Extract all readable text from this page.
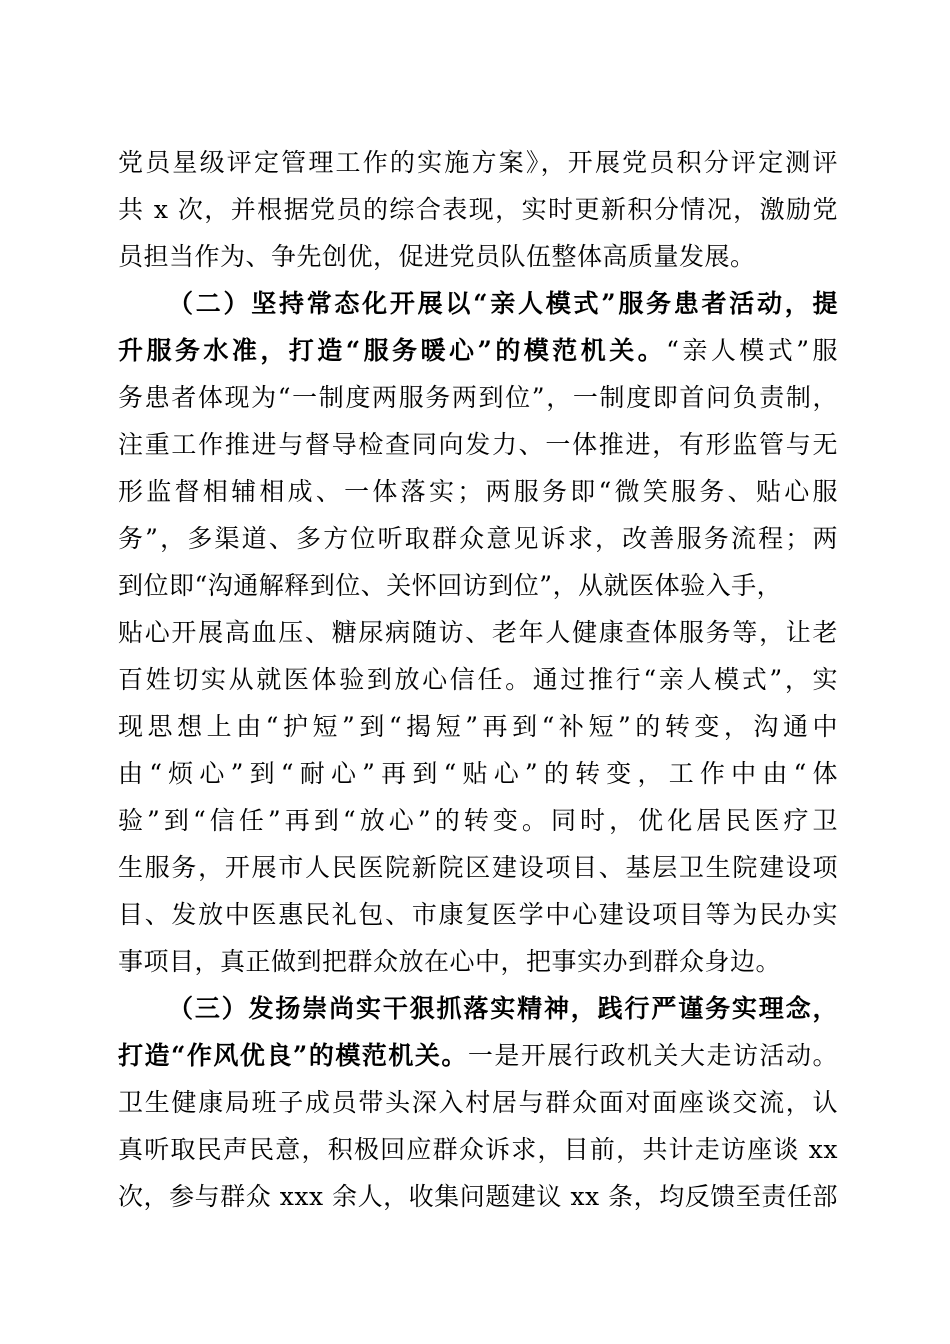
党员星级评定管理工作的实施方案》，开展党员积分评定测评
共 x 次，并根据党员的综合表现，实时更新积分情况，激励党
员担当作为、争先创优，促进党员队伍整体高质量发展。
（二）坚持常态化开展以“亲人模式”服务患者活动，提
升服务水准，打造“服务暖心”的模范机关。“亲人模式”服
务患者体现为“一制度两服务两到位”，一制度即首问负责制，
注重工作推进与督导检查同向发力、一体推进，有形监管与无
形监督相辅相成、一体落实；两服务即“微笑服务、贴心服
务”，多渠道、多方位听取群众意见诉求，改善服务流程；两
到位即“沟通解释到位、关怀回访到位”，从就医体验入手，
贴心开展高血压、糖尿病随访、老年人健康查体服务等，让老
百姓切实从就医体验到放心信任。通过推行“亲人模式”，实
现思想上由“护短”到“揭短”再到“补短”的转变，沟通中
由“烦心”到“耐心”再到“贴心”的转变，工作中由“体
验”到“信任”再到“放心”的转变。同时，优化居民医疗卫
生服务，开展市人民医院新院区建设项目、基层卫生院建设项
目、发放中医惠民礼包、市康复医学中心建设项目等为民办实
事项目，真正做到把群众放在心中，把事实办到群众身边。
（三）发扬崇尚实干狠抓落实精神，践行严谨务实理念，
打造“作风优良”的模范机关。一是开展行政机关大走访活动。
卫生健康局班子成员带头深入村居与群众面对面座谈交流，认
真听取民声民意，积极回应群众诉求，目前，共计走访座谈 xx
次，参与群众 xxx 余人，收集问题建议 xx 条，均反馈至责任部
